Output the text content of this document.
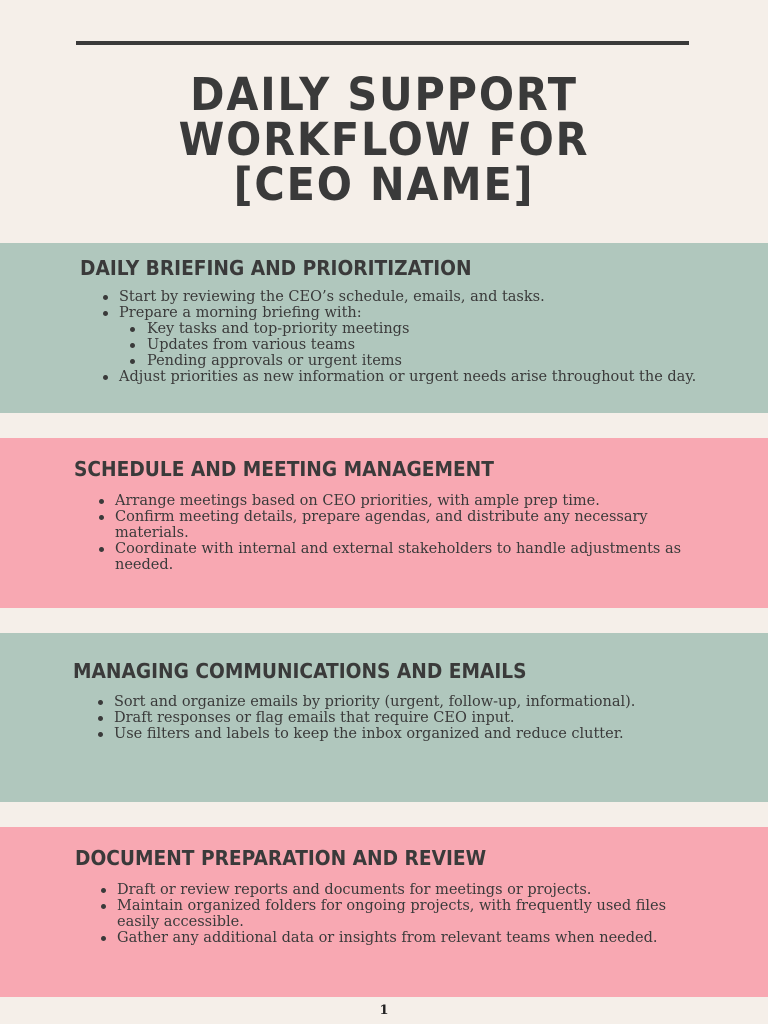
DAILY SUPPORT
WORKFLOW FOR
[CEO NAME]
DAILY BRIEFING AND PRIORITIZATION
Start by reviewing the CEO’s schedule, emails, and tasks.
Prepare a morning briefing with:
Key tasks and top-priority meetings
Updates from various teams
Pending approvals or urgent items
Adjust priorities as new information or urgent needs arise throughout the day.
SCHEDULE AND MEETING MANAGEMENT
Arrange meetings based on CEO priorities, with ample prep time.
Confirm meeting details, prepare agendas, and distribute any necessary materials.
Coordinate with internal and external stakeholders to handle adjustments as needed.
MANAGING COMMUNICATIONS AND EMAILS
Sort and organize emails by priority (urgent, follow-up, informational).
Draft responses or flag emails that require CEO input.
Use filters and labels to keep the inbox organized and reduce clutter.
DOCUMENT PREPARATION AND REVIEW
Draft or review reports and documents for meetings or projects.
Maintain organized folders for ongoing projects, with frequently used files easily accessible.
Gather any additional data or insights from relevant teams when needed.
1
